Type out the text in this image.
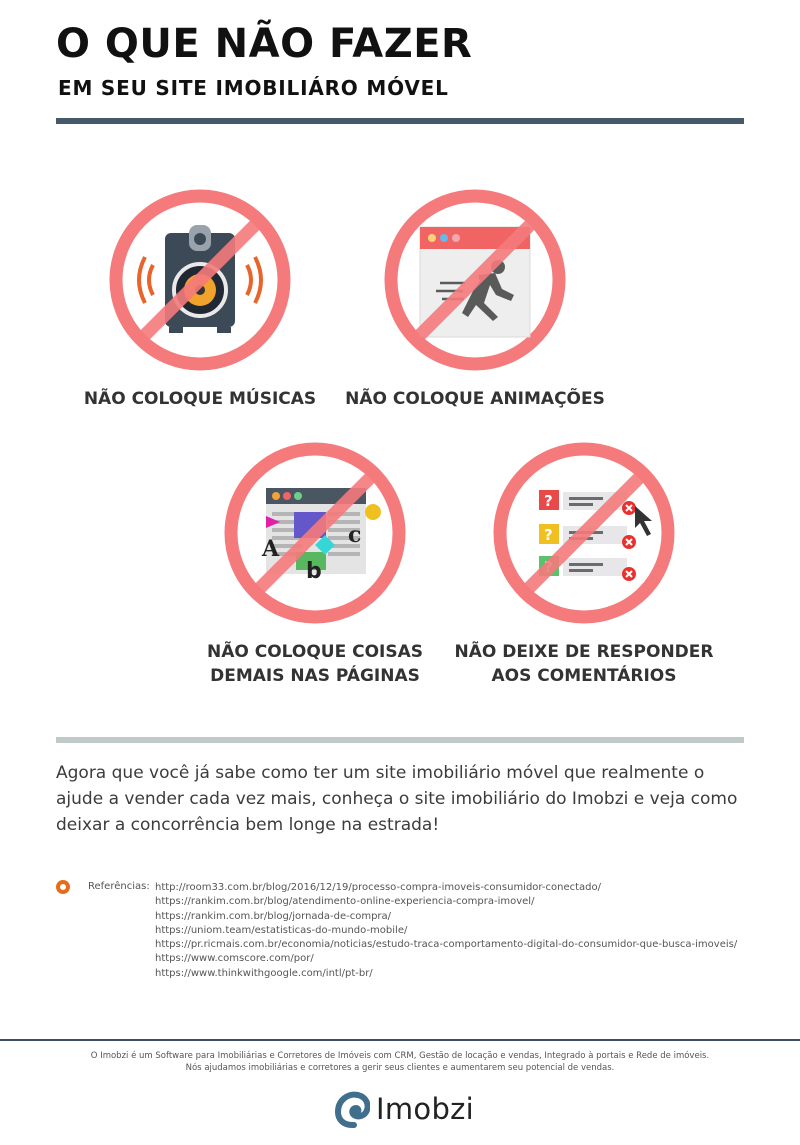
O QUE NÃO FAZER
EM SEU SITE IMOBILIÁRO MÓVEL
NÃO COLOQUE MÚSICAS	NÃO COLOQUE ANIMAÇÕES
A
b
c
NÃO COLOQUE COISAS
DEMAIS NAS PÁGINAS
?
?
NÃO DEIXE DE RESPONDER
AOS COMENTÁRIOS

Agora que você já sabe como ter um site imobiliário móvel que realmente o ajude a vender cada vez mais, conheça o site imobiliário do Imobzi e veja como deixar a concorrência bem longe na estrada!

Referências: http://room33.com.br/blog/2016/12/19/processo-compra-imoveis-consumidor-conectado/
https://rankim.com.br/blog/atendimento-online-experiencia-compra-imovel/
https://rankim.com.br/blog/jornada-de-compra/
https://uniom.team/estatisticas-do-mundo-mobile/
https://pr.ricmais.com.br/economia/noticias/estudo-traca-comportamento-digital-do-consumidor-que-busca-imoveis/
https://www.comscore.com/por/
https://www.thinkwithgoogle.com/intl/pt-br/
O Imobzi é um Software para Imobiliárias e Corretores de Imóveis com CRM, Gestão de locação e vendas, Integrado à portais e Rede de imóveis.
Nós ajudamos imobiliárias e corretores a gerir seus clientes e aumentarem seu potencial de vendas.
Imobzi
